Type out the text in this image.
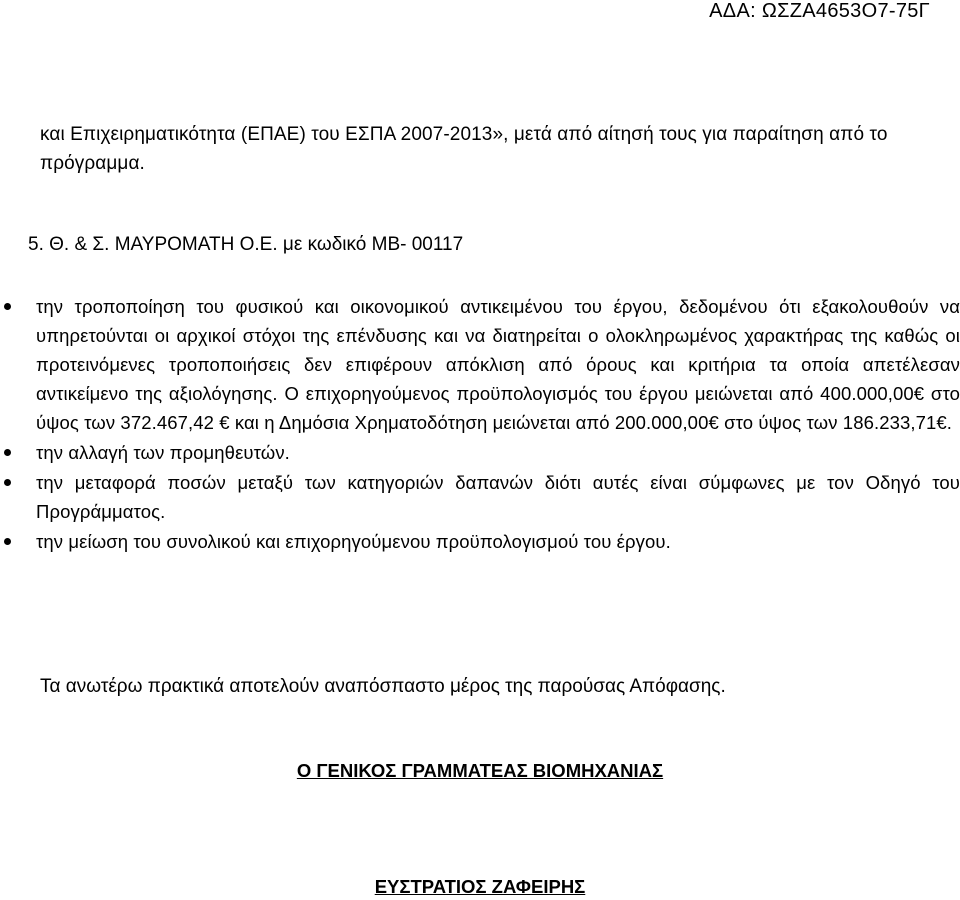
ΑΔΑ: ΩΣΖΑ4653Ο7-75Γ
και Επιχειρηματικότητα (ΕΠΑΕ) του ΕΣΠΑ 2007-2013», μετά από αίτησή τους για παραίτηση από το πρόγραμμα.
5. Θ. & Σ. ΜΑΥΡΟΜΑΤΗ Ο.Ε. με κωδικό ΜΒ- 00117
την τροποποίηση του φυσικού και οικονομικού αντικειμένου του έργου, δεδομένου ότι εξακολουθούν να υπηρετούνται οι αρχικοί στόχοι της επένδυσης και να διατηρείται ο ολοκληρωμένος χαρακτήρας της καθώς οι προτεινόμενες τροποποιήσεις δεν επιφέρουν απόκλιση από όρους και κριτήρια τα οποία απετέλεσαν αντικείμενο της αξιολόγησης. Ο επιχορηγούμενος προϋπολογισμός του έργου μειώνεται από 400.000,00€ στο ύψος των 372.467,42 € και η Δημόσια Χρηματοδότηση μειώνεται από 200.000,00€ στο ύψος των 186.233,71€.
την αλλαγή των προμηθευτών.
την μεταφορά ποσών μεταξύ των κατηγοριών δαπανών διότι αυτές είναι σύμφωνες με τον Οδηγό του Προγράμματος.
την μείωση του συνολικού και επιχορηγούμενου προϋπολογισμού του έργου.
Τα ανωτέρω πρακτικά αποτελούν αναπόσπαστο μέρος της παρούσας Απόφασης.
Ο ΓΕΝΙΚΟΣ ΓΡΑΜΜΑΤΕΑΣ ΒΙΟΜΗΧΑΝΙΑΣ
ΕΥΣΤΡΑΤΙΟΣ ΖΑΦΕΙΡΗΣ
